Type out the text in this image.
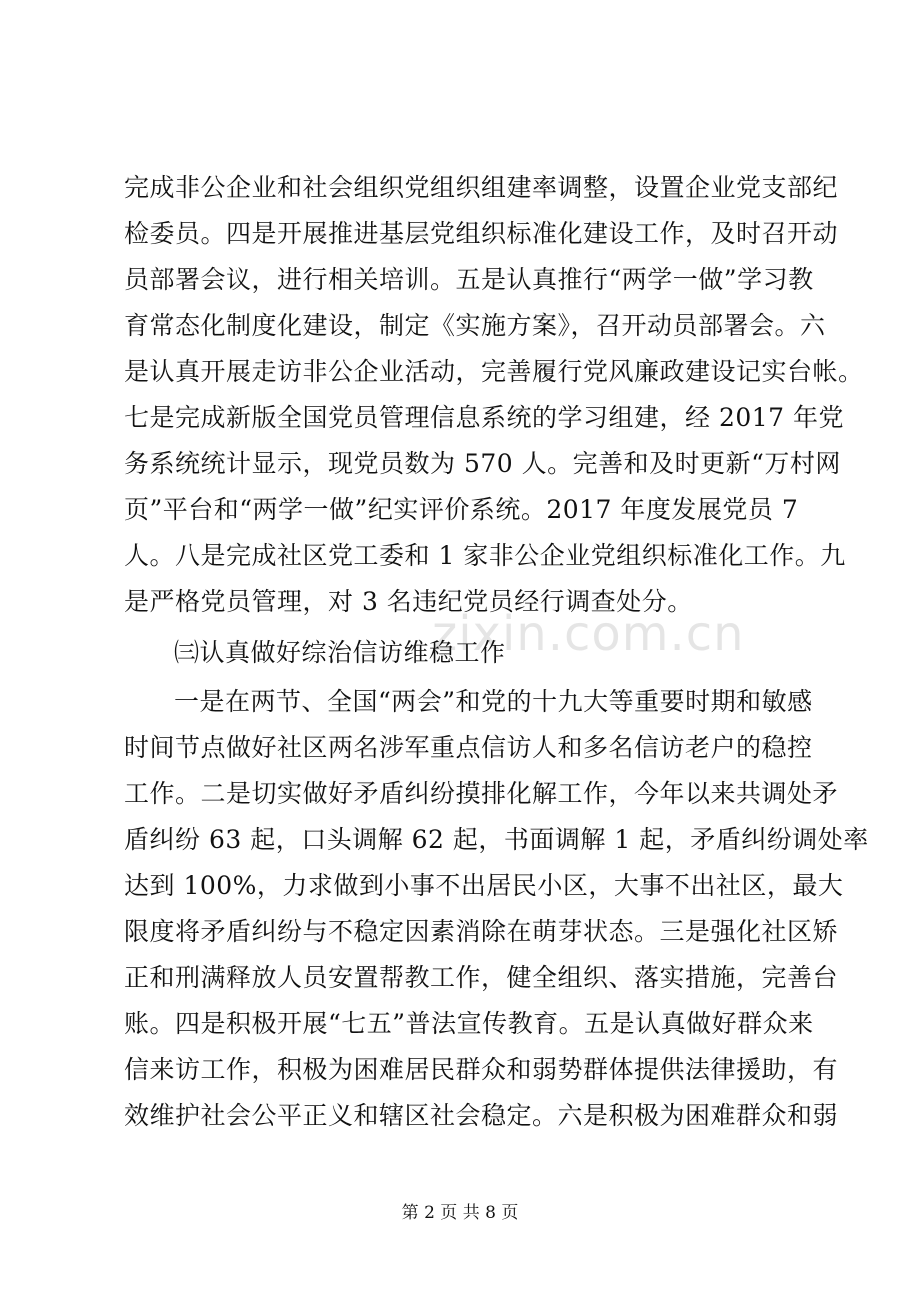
完成非公企业和社会组织党组织组建率调整，设置企业党支部纪
检委员。四是开展推进基层党组织标准化建设工作，及时召开动
员部署会议，进行相关培训。五是认真推行“两学一做”学习教
育常态化制度化建设，制定《实施方案》，召开动员部署会。六
是认真开展走访非公企业活动，完善履行党风廉政建设记实台帐。
七是完成新版全国党员管理信息系统的学习组建，经 2017 年党
务系统统计显示，现党员数为 570 人。完善和及时更新“万村网
页”平台和“两学一做”纪实评价系统。2017 年度发展党员 7
人。八是完成社区党工委和 1 家非公企业党组织标准化工作。九
是严格党员管理，对 3 名违纪党员经行调查处分。
zixin.com.cn
㈢认真做好综治信访维稳工作
一是在两节、全国“两会”和党的十九大等重要时期和敏感
时间节点做好社区两名涉军重点信访人和多名信访老户的稳控
工作。二是切实做好矛盾纠纷摸排化解工作，今年以来共调处矛
盾纠纷 63 起，口头调解 62 起，书面调解 1 起，矛盾纠纷调处率
达到 100%，力求做到小事不出居民小区，大事不出社区，最大
限度将矛盾纠纷与不稳定因素消除在萌芽状态。三是强化社区矫
正和刑满释放人员安置帮教工作，健全组织、落实措施，完善台
账。四是积极开展“七五”普法宣传教育。五是认真做好群众来
信来访工作，积极为困难居民群众和弱势群体提供法律援助，有
效维护社会公平正义和辖区社会稳定。六是积极为困难群众和弱
第 2 页 共 8 页
